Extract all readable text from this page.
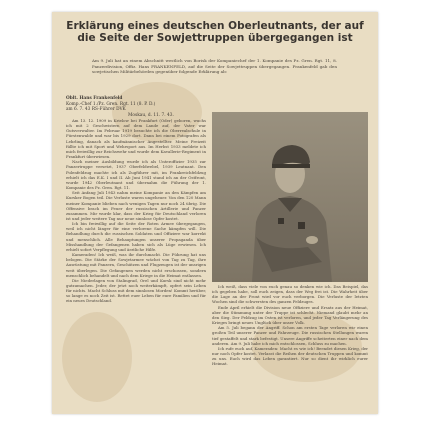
Erklärung eines deutschen Oberleutnants, der auf die Seite der Sowjettruppen übergegangen ist
Am 9. Juli hat an einem Abschnitt westlich von Borisk der Kompaniechef der 1. Kompanie des Pz. Gren. Rgt. 11, 8. Panzerdivision, Offiz. Hans FRANKENFELD, auf die Seite der Sowjettruppen übergegangen. Frankenfeld gab den sowjetischen Militärbehörden gegenüber folgende Erklärung ab:
Oblt. Hans Frankenfeld
Komp.-Chef 1./Pz. Gren. Rgt. 11 (8. P. D.)
am 6. 7. 43 RS-Führer DVK
Moskau, d. 11. 7. 43.

Am 13. 12. 1909 in Krielow bei Frankfurt (Oder) geboren, wuchs ich mit 2 Geschwistern auf dem Lande auf, der Vater war Gutsverwalter. Im Februar 1919 besuchte ich die Oberrealschule in Fürstenwalde und war bis 1929 dort. Dann bei einem Fotografen als Lehrling, danach als kaufmännischer Angestellter. Meine Freizeit füllte ich mit Sport und Wehrsport aus. Im Herbst 1933 meldete ich mich freiwillig zur Reichswehr und wurde dem Kavallerie-Regiment in Frankfurt überwiesen.

Nach meiner Ausbildung wurde ich als Unteroffizier 1935 zur Panzertruppe versetzt, 1937 Oberfeldwebel, 1939 Leutnant. Den Polenfeldzug machte ich als Zugführer mit, im Frankreichfeldzug erhielt ich das E.K. I und II. Ab Juni 1941 stand ich an der Ostfront, wurde 1942 Oberleutnant und übernahm die Führung der 1. Kompanie des Pz. Gren. Rgt. 11.

Seit Anfang Juli 1943 nahm meine Kompanie an den Kämpfen am Kursker Bogen teil. Die Verluste waren ungeheuer. Von den 120 Mann meiner Kompanie blieben nach wenigen Tagen nur noch 24 übrig. Die Offensive brach im Feuer der russischen Artillerie und Panzer zusammen. Mir wurde klar, dass der Krieg für Deutschland verloren ist und jeder weitere Tag nur neue sinnlose Opfer kostet.

Ich bin freiwillig auf die Seite der Roten Armee übergegangen, weil ich nicht länger für eine verlorene Sache kämpfen will. Die Behandlung durch die russischen Soldaten und Offiziere war korrekt und menschlich. Alle Behauptungen unserer Propaganda über Misshandlung der Gefangenen haben sich als Lüge erwiesen. Ich erhielt sofort Verpflegung und ärztliche Hilfe.

Kameraden! Ich weiß, was ihr durchmacht. Die Führung hat uns belogen. Die Stärke der Sowjetarmee wächst von Tag zu Tag, ihre Ausrüstung mit Panzern, Geschützen und Flugzeugen ist der unsrigen weit überlegen. Die Gefangenen werden nicht erschossen, sondern menschlich behandelt und nach dem Kriege in die Heimat entlassen.

Die Niederlagen von Stalingrad, Orel und Kursk sind nicht mehr gutzumachen. Jeder, der jetzt noch weiterkämpft, opfert sein Leben für nichts. Macht Schluss mit dem sinnlosen Morden! Kommt herüber, so lange es noch Zeit ist. Rettet euer Leben für eure Familien und für ein neues Deutschland.

Ich weiß, dass viele von euch genau so denken wie ich. Das Beispiel, das ich gegeben habe, soll euch zeigen, dass der Weg frei ist. Die Wahrheit über die Lage an der Front wird vor euch verborgen. Die Verluste der letzten Wochen sind die schwersten des ganzen Feldzuges.

Ende April erhielt die Division neue Offiziere und Ersatz aus der Heimat, aber die Stimmung unter der Truppe ist schlecht. Niemand glaubt mehr an den Sieg. Der Feldzug im Osten ist verloren, und jeder Tag Verlängerung des Krieges bringt neues Unglück über unser Volk.

Am 5. Juli begann der Angriff. Schon am ersten Tage verloren wir einen großen Teil unserer Panzer und Fahrzeuge. Die russischen Stellungen waren tief gestaffelt und stark befestigt. Unsere Angriffe scheiterten einer nach dem anderen. Am 9. Juli habe ich mich entschlossen, Schluss zu machen.

Ich rufe euch auf, Kameraden: Macht es wie ich! Beendet diesen Krieg, der nur noch Opfer kostet. Verlasst die Reihen der deutschen Truppen und kommt zu uns. Euch wird das Leben garantiert. Nur so dient ihr wirklich eurer Heimat.
